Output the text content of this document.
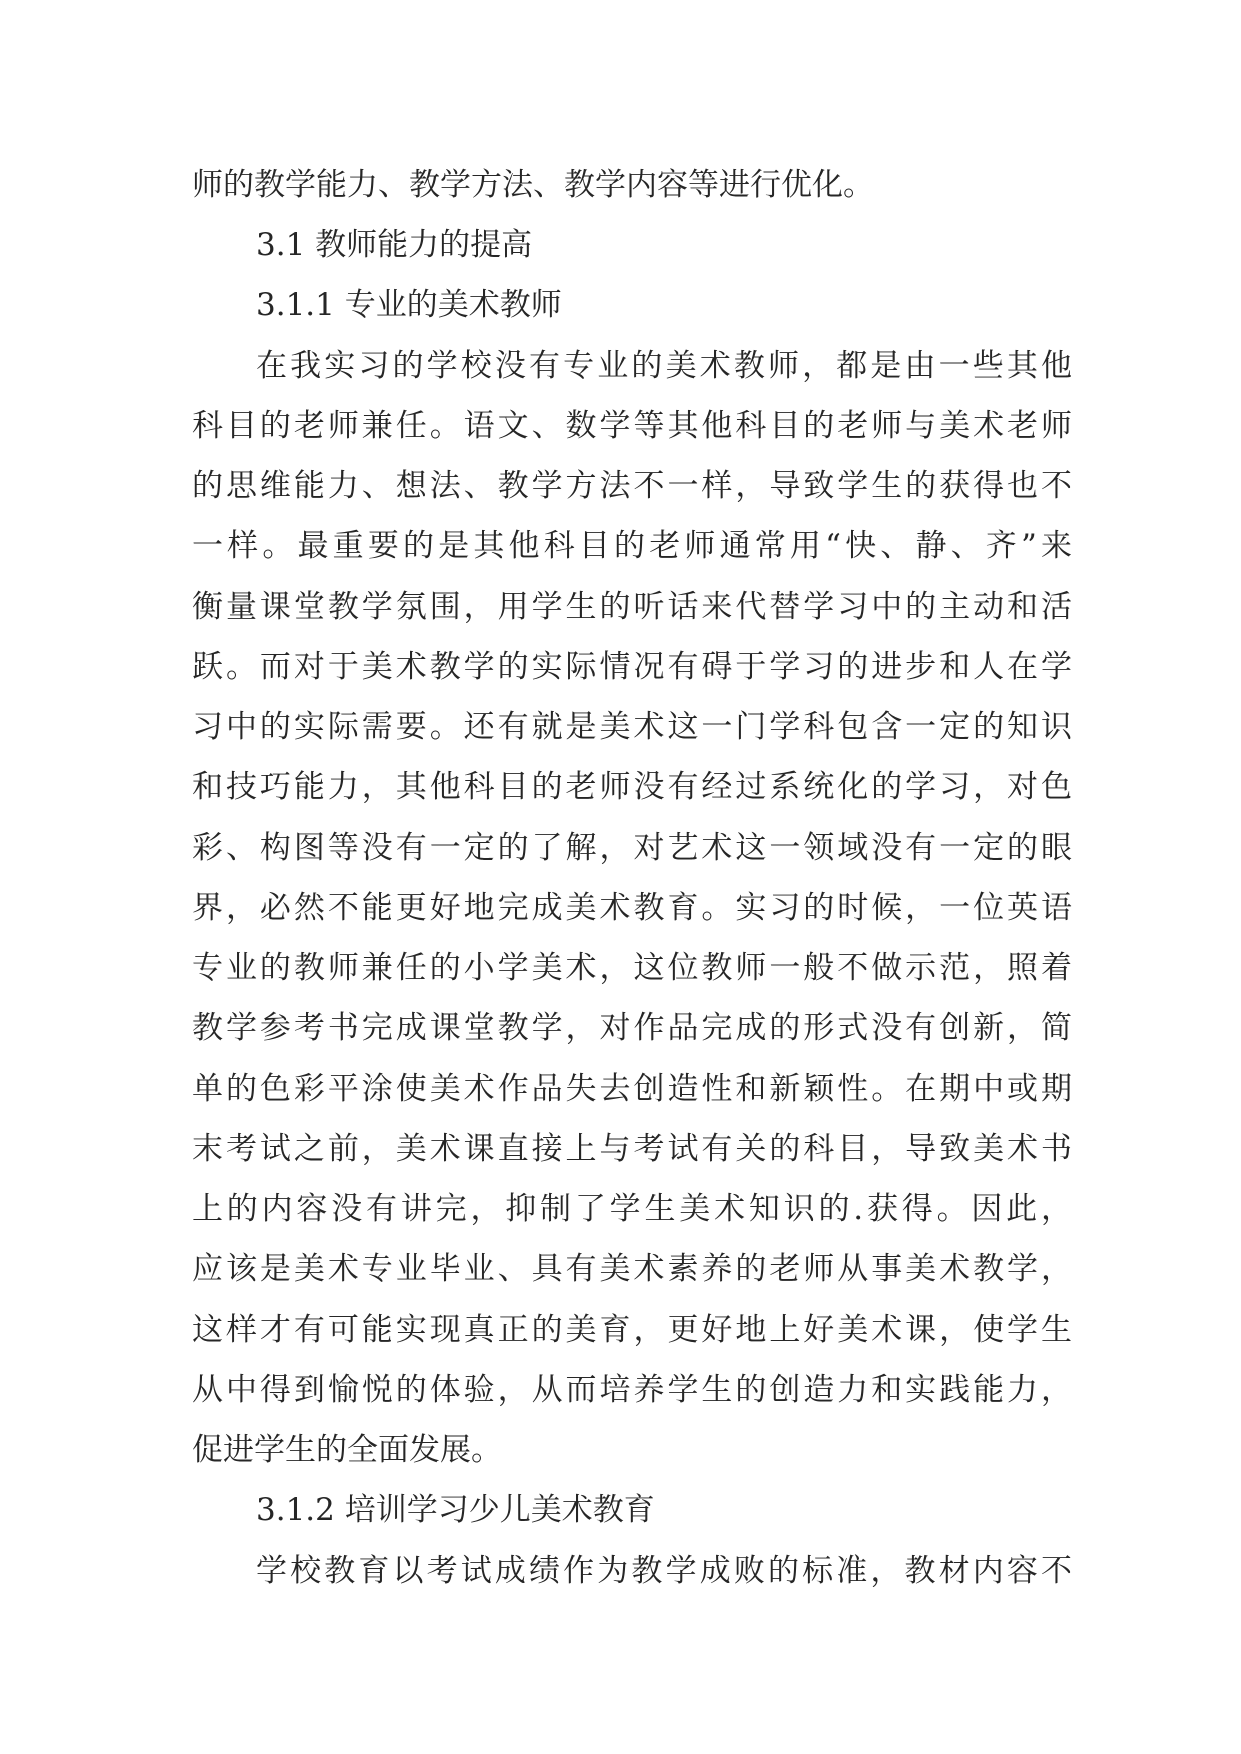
师的教学能力、教学方法、教学内容等进行优化。
3.1 教师能力的提高
3.1.1 专业的美术教师
在我实习的学校没有专业的美术教师，都是由一些其他
科目的老师兼任。语文、数学等其他科目的老师与美术老师
的思维能力、想法、教学方法不一样，导致学生的获得也不
一样。最重要的是其他科目的老师通常用“快、静、齐”来
衡量课堂教学氛围，用学生的听话来代替学习中的主动和活
跃。而对于美术教学的实际情况有碍于学习的进步和人在学
习中的实际需要。还有就是美术这一门学科包含一定的知识
和技巧能力，其他科目的老师没有经过系统化的学习，对色
彩、构图等没有一定的了解，对艺术这一领域没有一定的眼
界，必然不能更好地完成美术教育。实习的时候，一位英语
专业的教师兼任的小学美术，这位教师一般不做示范，照着
教学参考书完成课堂教学，对作品完成的形式没有创新，简
单的色彩平涂使美术作品失去创造性和新颖性。在期中或期
末考试之前，美术课直接上与考试有关的科目，导致美术书
上的内容没有讲完，抑制了学生美术知识的.获得。因此，
应该是美术专业毕业、具有美术素养的老师从事美术教学，
这样才有可能实现真正的美育，更好地上好美术课，使学生
从中得到愉悦的体验，从而培养学生的创造力和实践能力，
促进学生的全面发展。
3.1.2 培训学习少儿美术教育
学校教育以考试成绩作为教学成败的标准，教材内容不
